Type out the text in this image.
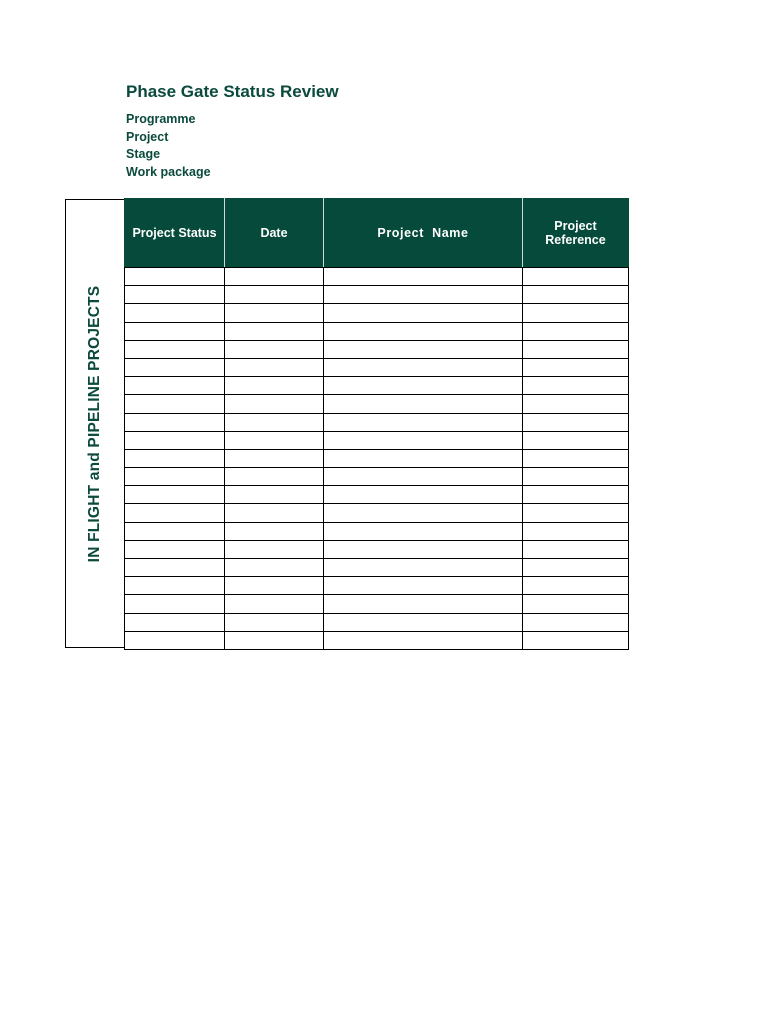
Phase Gate Status Review
Programme
Project
Stage
Work package
IN FLIGHT and PIPELINE PROJECTS
Project Status	Date	Project  Name	Project
Reference
